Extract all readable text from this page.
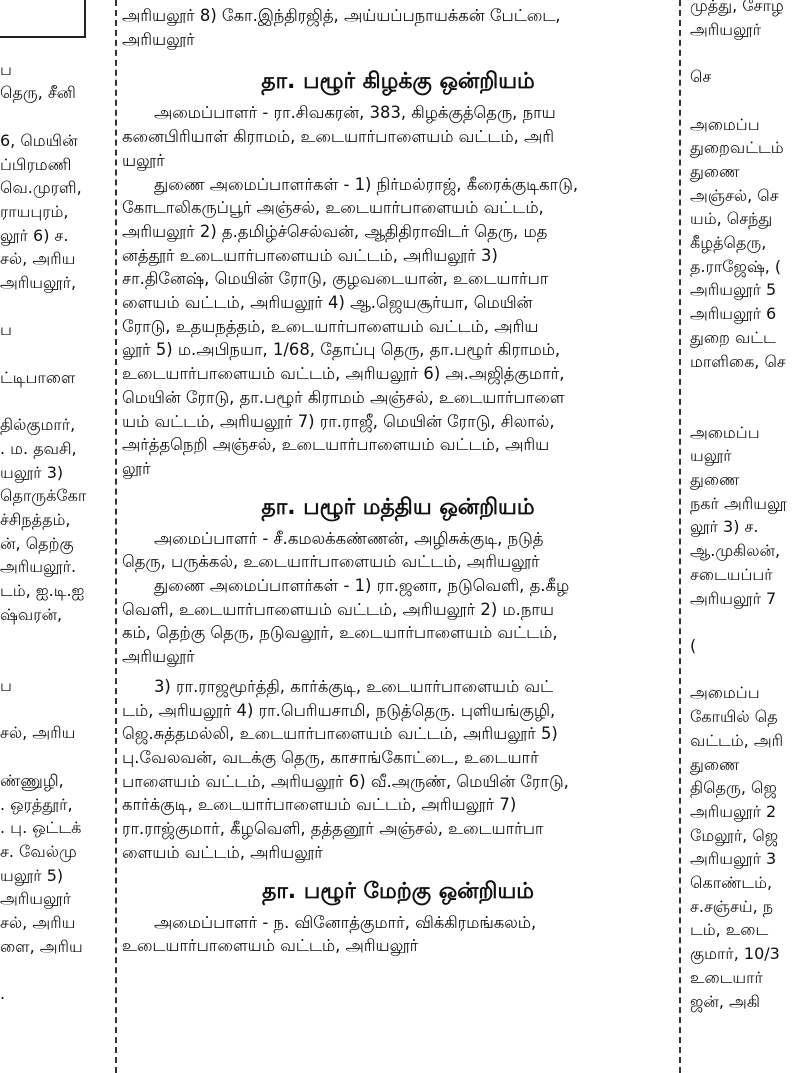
ப
தெரு, சீனி

6, மெயின்
ப்பிரமணி
வெ.முரளி,
ராயபுரம்,
லூர் 6) ச.
சல், அரிய
அரியலூர்,

ப

ட்டிபாளை

தில்குமார்,
. ம. தவசி,
யலூர் 3)
தொருக்கோ
ச்சிநத்தம்,
ன், தெற்கு
அரியலூர்.
டம், ஐ.டி.ஐ
ஷ்வரன்,

ப

சல், அரிய

ண்ணுழி,
. ஒரத்தூர்,
. பு. ஒட்டக்
ச. வேல்மு
யலூர் 5)
அரியலூர்
சல், அரிய
ளை, அரிய

.

அரியலூர் 8) கோ.இந்திரஜித், அய்யப்பநாயக்கன் பேட்டை,

அரியலூர்

தா. பழூர் கிழக்கு ஒன்றியம்

அமைப்பாளர் - ரா.சிவகரன், 383, கிழக்குத்தெரு, நாய

கனைபிரியாள் கிராமம், உடையார்பாளையம் வட்டம், அரி

யலூர்

துணை அமைப்பாளர்கள் - 1) நிர்மல்ராஜ், கீரைக்குடிகாடு,

கோடாலிகருப்பூர் அஞ்சல், உடையார்பாளையம் வட்டம்,

அரியலூர் 2) த.தமிழ்ச்செல்வன், ஆதிதிராவிடர் தெரு, மத

னத்தூர் உடையார்பாளையம் வட்டம், அரியலூர் 3)

சா.தினேஷ், மெயின் ரோடு, குழவடையான், உடையார்பா

ளையம் வட்டம், அரியலூர் 4) ஆ.ஜெயசூர்யா, மெயின்

ரோடு, உதயநத்தம், உடையார்பாளையம் வட்டம், அரிய

லூர் 5) ம.அபிநயா, 1/68, தோப்பு தெரு, தா.பழூர் கிராமம்,

உடையார்பாளையம் வட்டம், அரியலூர் 6) அ.அஜித்குமார்,

மெயின் ரோடு, தா.பழூர் கிராமம் அஞ்சல், உடையார்பாளை

யம் வட்டம், அரியலூர் 7) ரா.ராஜீ, மெயின் ரோடு, சிலால்,

அர்த்தநெறி அஞ்சல், உடையார்பாளையம் வட்டம், அரிய

லூர்

தா. பழூர் மத்திய ஒன்றியம்

அமைப்பாளர் - சீ.கமலக்கண்ணன், அழிசுக்குடி, நடுத்

தெரு, பருக்கல், உடையார்பாளையம் வட்டம், அரியலூர்

துணை அமைப்பாளர்கள் - 1) ரா.ஜனா, நடுவெளி, த.கீழ

வெளி, உடையார்பாளையம் வட்டம், அரியலூர் 2) ம.நாய

கம், தெற்கு தெரு, நடுவலூர், உடையார்பாளையம் வட்டம்,

அரியலூர்

3) ரா.ராஜமூர்த்தி, கார்க்குடி, உடையார்பாளையம் வட்

டம், அரியலூர் 4) ரா.பெரியசாமி, நடுத்தெரு. புளியங்குழி,

ஜெ.சுத்தமல்லி, உடையார்பாளையம் வட்டம், அரியலூர் 5)

பு.வேலவன், வடக்கு தெரு, காசாங்கோட்டை, உடையார்

பாளையம் வட்டம், அரியலூர் 6) வீ.அருண், மெயின் ரோடு,

கார்க்குடி, உடையார்பாளையம் வட்டம், அரியலூர் 7)

ரா.ராஜ்குமார், கீழவெளி, தத்தனூர் அஞ்சல், உடையார்பா

ளையம் வட்டம், அரியலூர்

தா. பழூர் மேற்கு ஒன்றியம்

அமைப்பாளர் - ந. வினோத்குமார், விக்கிரமங்கலம்,

உடையார்பாளையம் வட்டம், அரியலூர்

முத்து, சோழ
அரியலூர்

செ

அமைப்ப
துறைவட்டம்
துணை
அஞ்சல், செ
யம், செந்து
கீழத்தெரு,
த.ராஜேஷ், (
அரியலூர் 5
அரியலூர் 6
துறை வட்ட
மாளிகை, செ

அமைப்ப
யலூர்
துணை
நகர் அரியலூ
லூர் 3) ச.
ஆ.முகிலன்,
சடையப்பர்
அரியலூர் 7

(

அமைப்ப
கோயில் தெ
வட்டம், அரி
துணை
திதெரு, ஜெ
அரியலூர் 2
மேலூர், ஜெ
அரியலூர் 3
கொண்டம்,
ச.சஞ்சய், ந
டம், உடை
குமார், 10/3
உடையார்
ஜன், அகி
